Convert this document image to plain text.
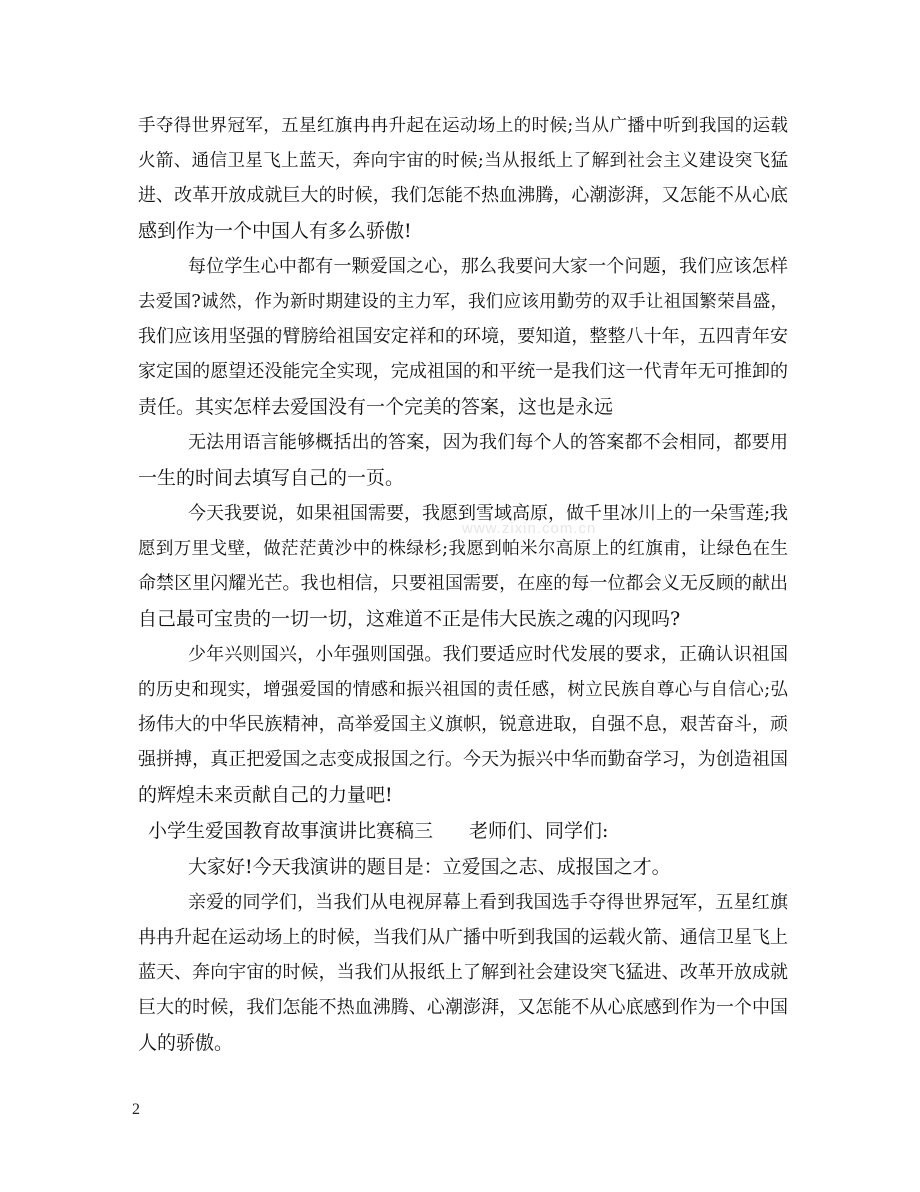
www.zixin.com.cn
手夺得世界冠军，五星红旗冉冉升起在运动场上的时候;当从广播中听到我国的运载
火箭、通信卫星飞上蓝天，奔向宇宙的时候;当从报纸上了解到社会主义建设突飞猛
进、改革开放成就巨大的时候，我们怎能不热血沸腾，心潮澎湃，又怎能不从心底
感到作为一个中国人有多么骄傲!
每位学生心中都有一颗爱国之心，那么我要问大家一个问题，我们应该怎样
去爱国?诚然，作为新时期建设的主力军，我们应该用勤劳的双手让祖国繁荣昌盛，
我们应该用坚强的臂膀给祖国安定祥和的环境，要知道，整整八十年，五四青年安
家定国的愿望还没能完全实现，完成祖国的和平统一是我们这一代青年无可推卸的
责任。其实怎样去爱国没有一个完美的答案，这也是永远
无法用语言能够概括出的答案，因为我们每个人的答案都不会相同，都要用
一生的时间去填写自己的一页。
今天我要说，如果祖国需要，我愿到雪域高原，做千里冰川上的一朵雪莲;我
愿到万里戈壁，做茫茫黄沙中的株绿杉;我愿到帕米尔高原上的红旗甫，让绿色在生
命禁区里闪耀光芒。我也相信，只要祖国需要，在座的每一位都会义无反顾的献出
自己最可宝贵的一切一切，这难道不正是伟大民族之魂的闪现吗?
少年兴则国兴，小年强则国强。我们要适应时代发展的要求，正确认识祖国
的历史和现实，增强爱国的情感和振兴祖国的责任感，树立民族自尊心与自信心;弘
扬伟大的中华民族精神，高举爱国主义旗帜，锐意进取，自强不息，艰苦奋斗，顽
强拼搏，真正把爱国之志变成报国之行。今天为振兴中华而勤奋学习，为创造祖国
的辉煌未来贡献自己的力量吧!
小学生爱国教育故事演讲比赛稿三 老师们、同学们:
大家好!今天我演讲的题目是：立爱国之志、成报国之才。
亲爱的同学们，当我们从电视屏幕上看到我国选手夺得世界冠军，五星红旗
冉冉升起在运动场上的时候，当我们从广播中听到我国的运载火箭、通信卫星飞上
蓝天、奔向宇宙的时候，当我们从报纸上了解到社会建设突飞猛进、改革开放成就
巨大的时候，我们怎能不热血沸腾、心潮澎湃，又怎能不从心底感到作为一个中国
人的骄傲。
2
